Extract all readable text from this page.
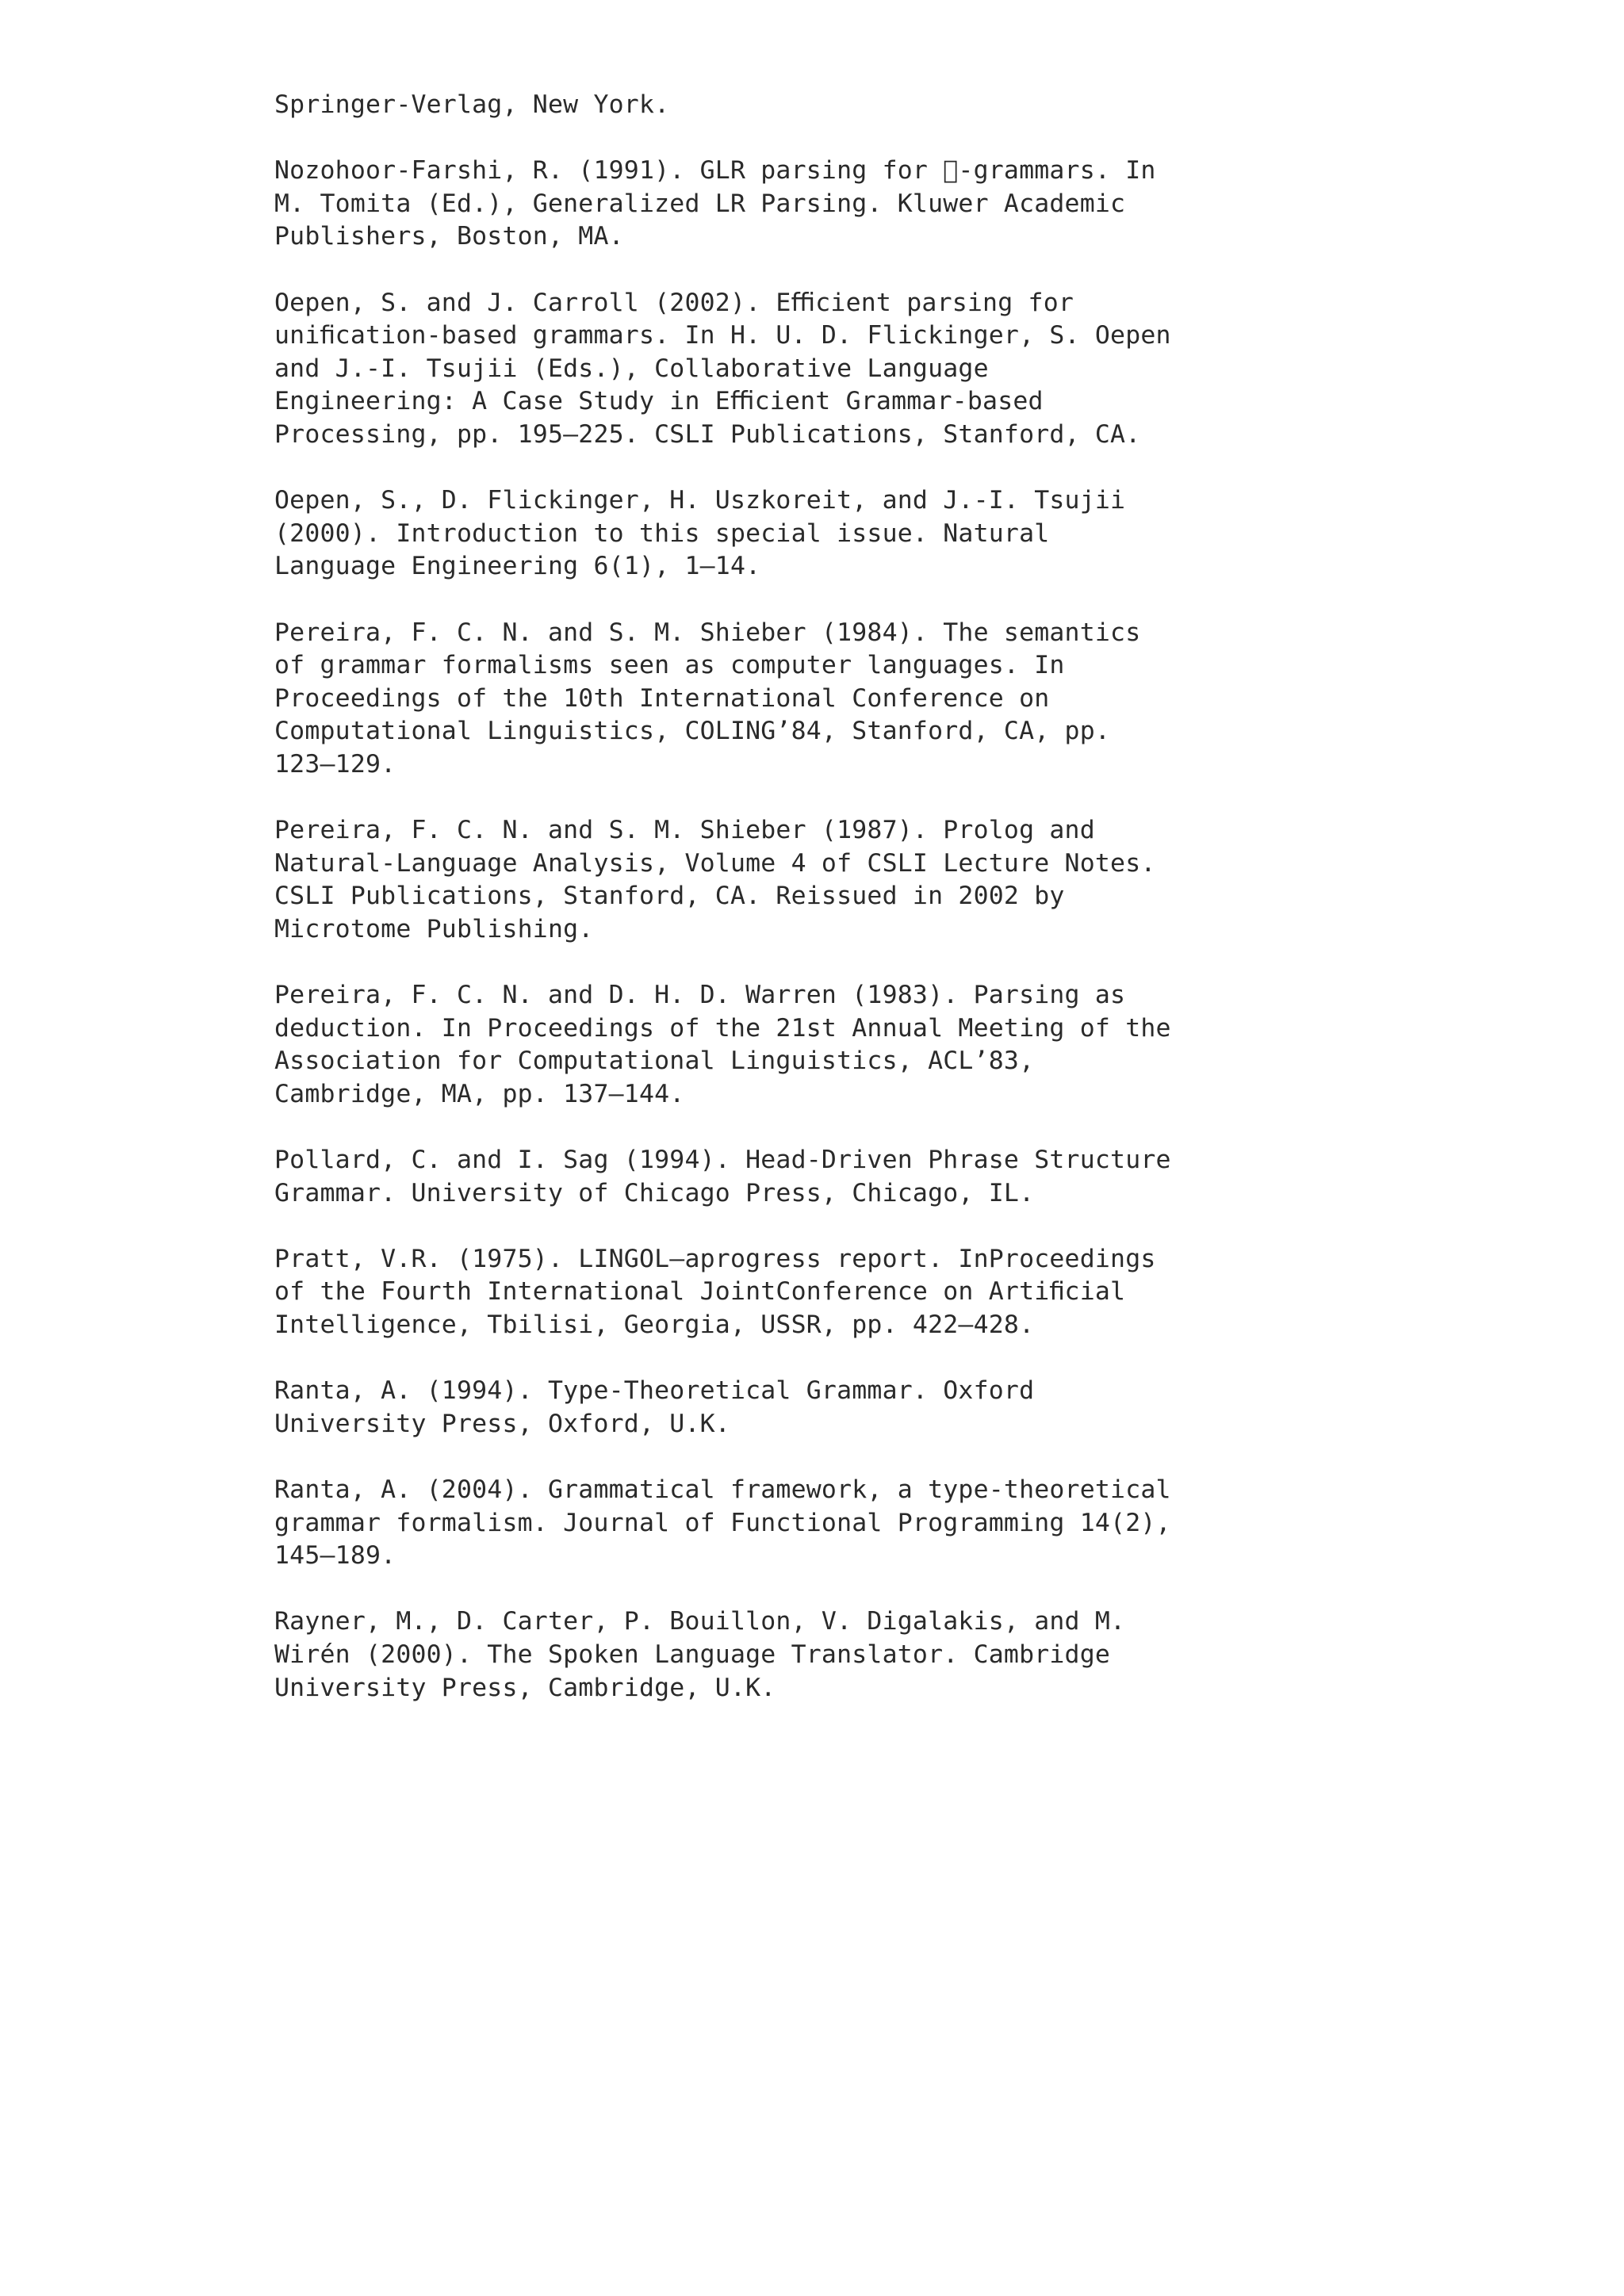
Springer-Verlag, New York.
Nozohoor-Farshi, R. (1991). GLR parsing for  -grammars. In
M. Tomita (Ed.), Generalized LR Parsing. Kluwer Academic
Publishers, Boston, MA.
Oepen, S. and J. Carroll (2002). Eﬃcient parsing for
uniﬁcation-based grammars. In H. U. D. Flickinger, S. Oepen
and J.-I. Tsujii (Eds.), Collaborative Language
Engineering: A Case Study in Eﬃcient Grammar-based
Processing, pp. 195–225. CSLI Publications, Stanford, CA.
Oepen, S., D. Flickinger, H. Uszkoreit, and J.-I. Tsujii
(2000). Introduction to this special issue. Natural
Language Engineering 6(1), 1–14.
Pereira, F. C. N. and S. M. Shieber (1984). The semantics
of grammar formalisms seen as computer languages. In
Proceedings of the 10th International Conference on
Computational Linguistics, COLING’84, Stanford, CA, pp.
123–129.
Pereira, F. C. N. and S. M. Shieber (1987). Prolog and
Natural-Language Analysis, Volume 4 of CSLI Lecture Notes.
CSLI Publications, Stanford, CA. Reissued in 2002 by
Microtome Publishing.
Pereira, F. C. N. and D. H. D. Warren (1983). Parsing as
deduction. In Proceedings of the 21st Annual Meeting of the
Association for Computational Linguistics, ACL’83,
Cambridge, MA, pp. 137–144.
Pollard, C. and I. Sag (1994). Head-Driven Phrase Structure
Grammar. University of Chicago Press, Chicago, IL.
Pratt, V.R. (1975). LINGOL–aprogress report. InProceedings
of the Fourth International JointConference on Artiﬁcial
Intelligence, Tbilisi, Georgia, USSR, pp. 422–428.
Ranta, A. (1994). Type-Theoretical Grammar. Oxford
University Press, Oxford, U.K.
Ranta, A. (2004). Grammatical framework, a type-theoretical
grammar formalism. Journal of Functional Programming 14(2),
145–189.
Rayner, M., D. Carter, P. Bouillon, V. Digalakis, and M.
Wirén (2000). The Spoken Language Translator. Cambridge
University Press, Cambridge, U.K.
